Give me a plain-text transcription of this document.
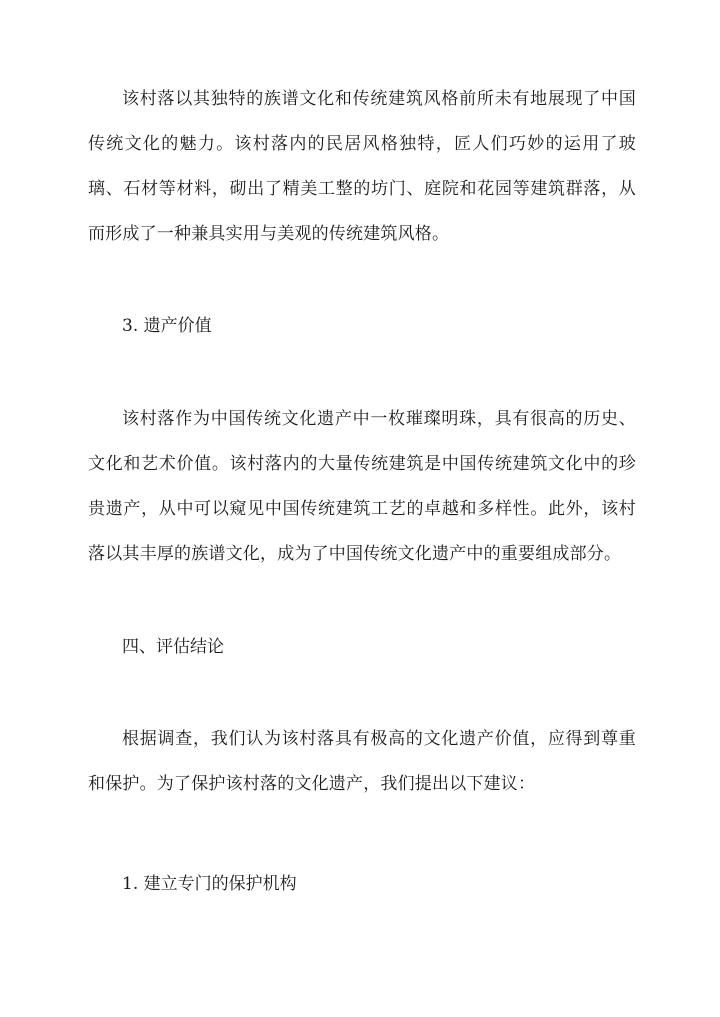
该村落以其独特的族谱文化和传统建筑风格前所未有地展现了中国传统文化的魅力。该村落内的民居风格独特，匠人们巧妙的运用了玻璃、石材等材料，砌出了精美工整的坊门、庭院和花园等建筑群落，从而形成了一种兼具实用与美观的传统建筑风格。

3. 遗产价值

该村落作为中国传统文化遗产中一枚璀璨明珠，具有很高的历史、文化和艺术价值。该村落内的大量传统建筑是中国传统建筑文化中的珍贵遗产，从中可以窥见中国传统建筑工艺的卓越和多样性。此外，该村落以其丰厚的族谱文化，成为了中国传统文化遗产中的重要组成部分。

四、评估结论

根据调查，我们认为该村落具有极高的文化遗产价值，应得到尊重和保护。为了保护该村落的文化遗产，我们提出以下建议：

1. 建立专门的保护机构
